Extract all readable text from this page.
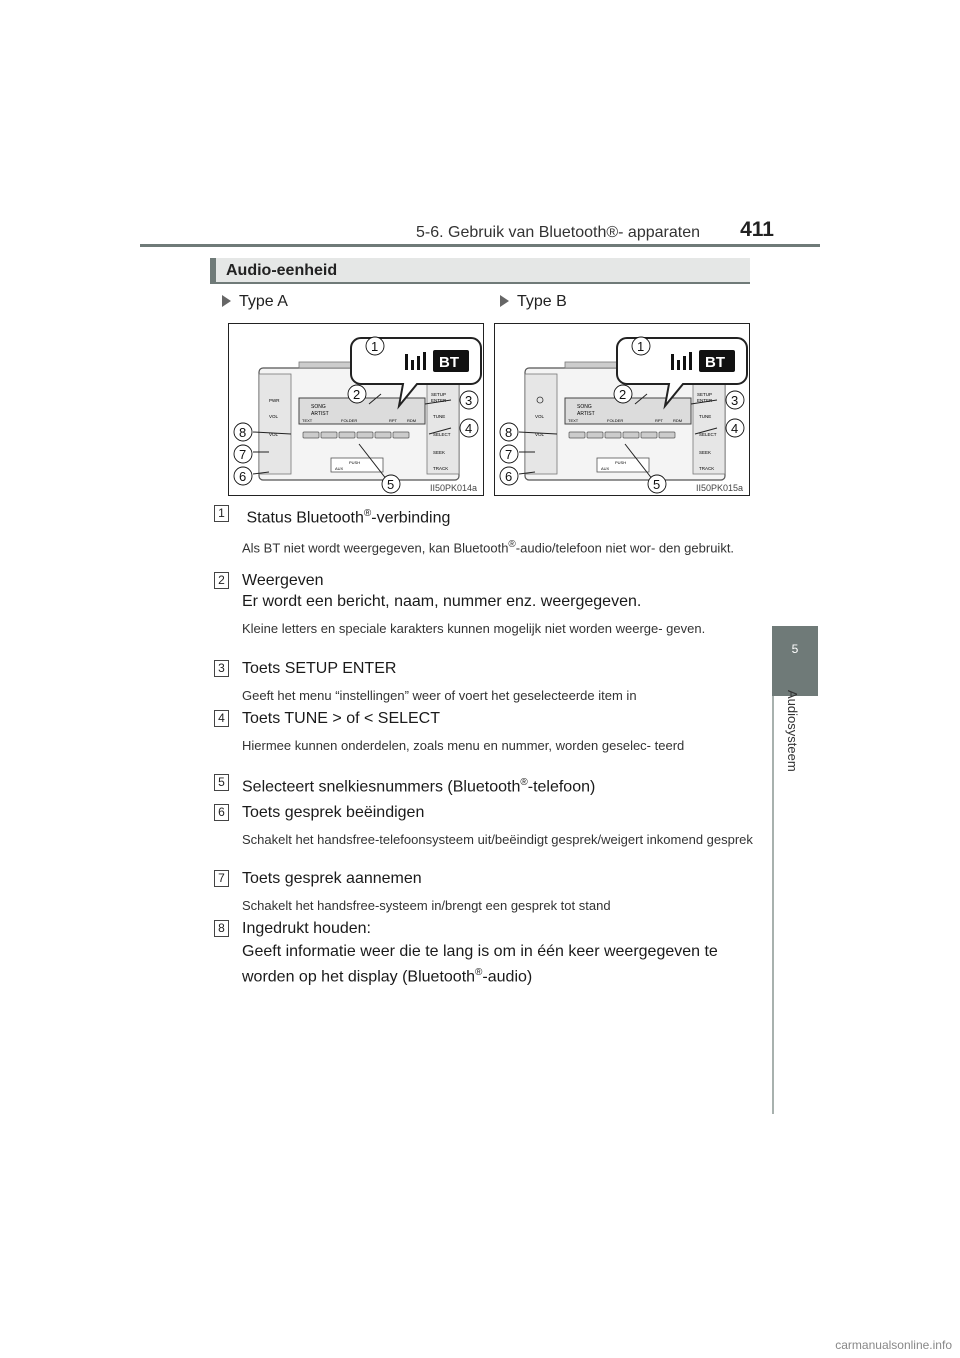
5-6. Gebruik van Bluetooth®- apparaten 411
5
Audiosysteem
Audio-eenheid
Type A	Type B
SONG
ARTIST
TEXT	FOLDER	RPT	RDM
PWR
VOL
VOL
SETUP
ENTER
TUNE
SELECT
SEEK
TRACK
PUSH
AUX
BT
1
2	3
4
5
6
7
8
II50PK014a
SONG
ARTIST
TEXT	FOLDER	RPT	RDM
VOL
VOL
SETUP
ENTER
TUNE
SELECT
SEEK
TRACK
PUSH
AUX
BT
1
2	3
4
5
6
7
8
II50PK015a
1 Status Bluetooth®-verbinding
Als BT niet wordt weergegeven, kan Bluetooth®-audio/telefoon niet wor- den gebruikt.
2 Weergeven
Er wordt een bericht, naam, nummer enz. weergegeven.
Kleine letters en speciale karakters kunnen mogelijk niet worden weerge- geven.
3 Toets SETUP ENTER
Geeft het menu “instellingen” weer of voert het geselecteerde item in
4 Toets TUNE > of < SELECT
Hiermee kunnen onderdelen, zoals menu en nummer, worden geselec- teerd
5 Selecteert snelkiesnummers (Bluetooth®-telefoon)
6 Toets gesprek beëindigen
Schakelt het handsfree-telefoonsysteem uit/beëindigt gesprek/weigert inkomend gesprek
7 Toets gesprek aannemen
Schakelt het handsfree-systeem in/brengt een gesprek tot stand
8 Ingedrukt houden:
Geeft informatie weer die te lang is om in één keer weergegeven te worden op het display (Bluetooth®-audio)
carmanualsonline.info
